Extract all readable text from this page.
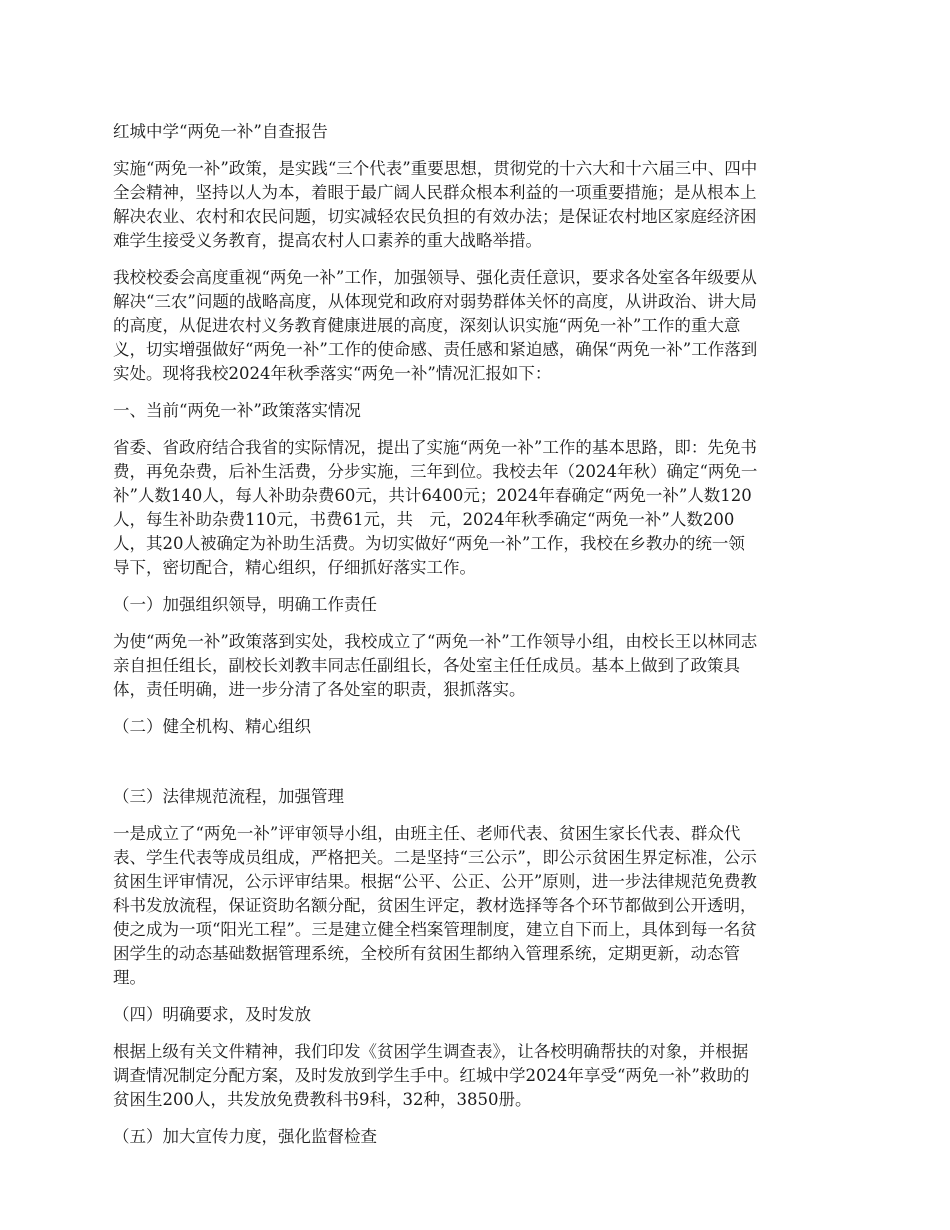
红城中学“两免一补”自查报告

实施“两免一补”政策，是实践“三个代表”重要思想，贯彻党的十六大和十六届三中、四中

全会精神，坚持以人为本，着眼于最广阔人民群众根本利益的一项重要措施；是从根本上

解决农业、农村和农民问题，切实减轻农民负担的有效办法；是保证农村地区家庭经济困

难学生接受义务教育，提高农村人口素养的重大战略举措。

我校校委会高度重视“两免一补”工作，加强领导、强化责任意识，要求各处室各年级要从

解决“三农”问题的战略高度，从体现党和政府对弱势群体关怀的高度，从讲政治、讲大局

的高度，从促进农村义务教育健康进展的高度，深刻认识实施“两免一补”工作的重大意

义，切实增强做好“两免一补”工作的使命感、责任感和紧迫感，确保“两免一补”工作落到

实处。现将我校2024年秋季落实“两免一补”情况汇报如下：

一、当前“两免一补”政策落实情况

省委、省政府结合我省的实际情况，提出了实施“两免一补”工作的基本思路，即：先免书

费，再免杂费，后补生活费，分步实施，三年到位。我校去年（2024年秋）确定“两免一

补”人数140人，每人补助杂费60元，共计6400元；2024年春确定“两免一补”人数120

人，每生补助杂费110元，书费61元，共　元，2024年秋季确定“两免一补”人数200

人，其20人被确定为补助生活费。为切实做好“两免一补”工作，我校在乡教办的统一领

导下，密切配合，精心组织，仔细抓好落实工作。

（一）加强组织领导，明确工作责任

为使“两免一补”政策落到实处，我校成立了“两免一补”工作领导小组，由校长王以林同志

亲自担任组长，副校长刘教丰同志任副组长，各处室主任任成员。基本上做到了政策具

体，责任明确，进一步分清了各处室的职责，狠抓落实。

（二）健全机构、精心组织

（三）法律规范流程，加强管理

一是成立了“两免一补”评审领导小组，由班主任、老师代表、贫困生家长代表、群众代

表、学生代表等成员组成，严格把关。二是坚持“三公示”，即公示贫困生界定标准，公示

贫困生评审情况，公示评审结果。根据“公平、公正、公开”原则，进一步法律规范免费教

科书发放流程，保证资助名额分配，贫困生评定，教材选择等各个环节都做到公开透明，

使之成为一项“阳光工程”。三是建立健全档案管理制度，建立自下而上，具体到每一名贫

困学生的动态基础数据管理系统，全校所有贫困生都纳入管理系统，定期更新，动态管

理。

（四）明确要求，及时发放

根据上级有关文件精神，我们印发《贫困学生调查表》，让各校明确帮扶的对象，并根据

调查情况制定分配方案，及时发放到学生手中。红城中学2024年享受“两免一补”救助的

贫困生200人，共发放免费教科书9科，32种，3850册。

（五）加大宣传力度，强化监督检查
